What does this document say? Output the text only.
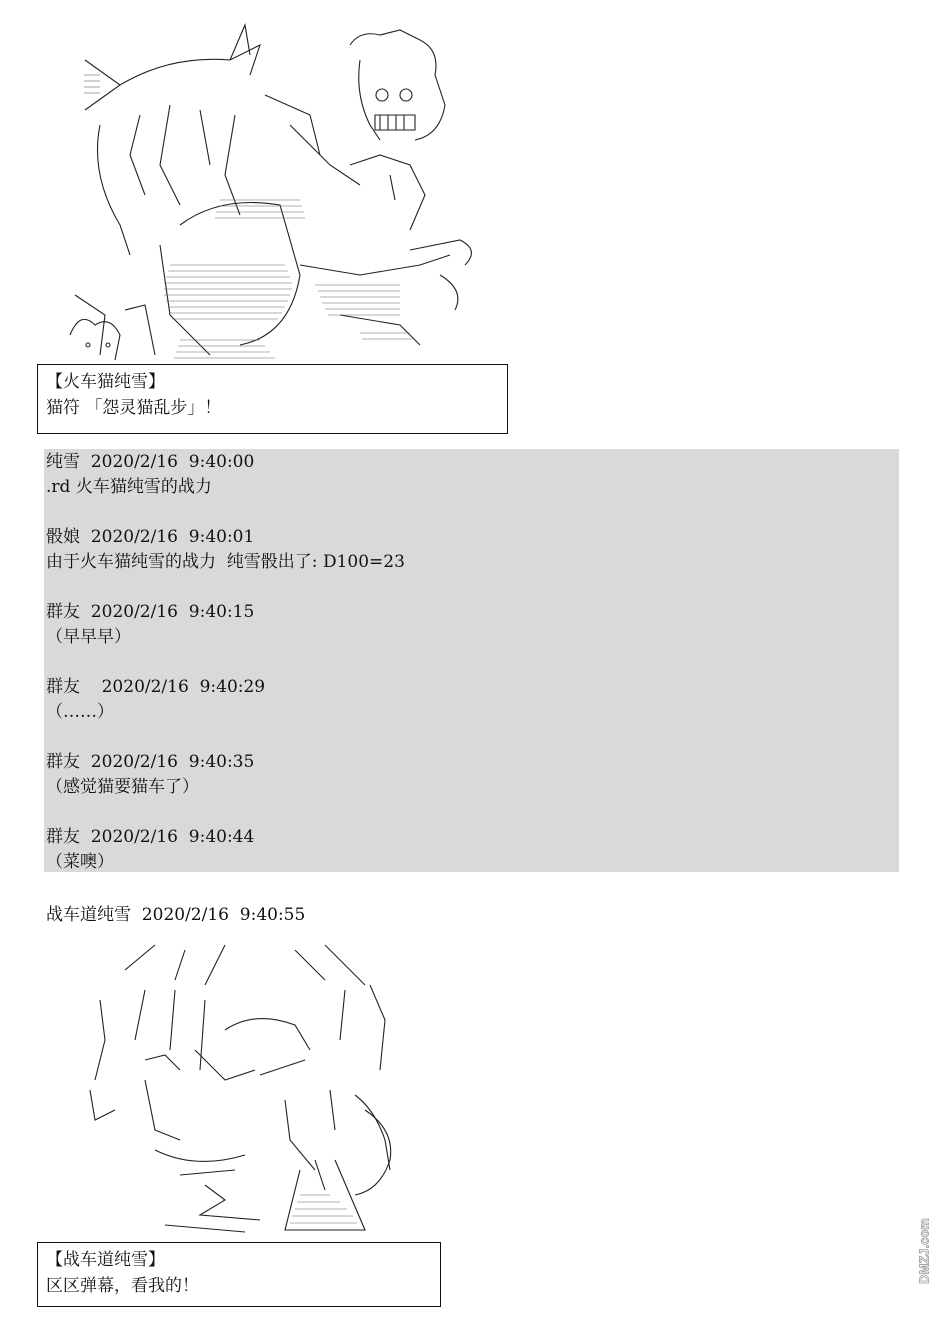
【火车猫纯雪】
猫符 「怨灵猫乱步」！
纯雪  2020/2/16  9:40:00
.rd 火车猫纯雪的战力
骰娘  2020/2/16  9:40:01
由于火车猫纯雪的战力  纯雪骰出了: D100=23
群友  2020/2/16  9:40:15
（早早早）
群友    2020/2/16  9:40:29
（……）
群友  2020/2/16  9:40:35
（感觉猫要猫车了）
群友  2020/2/16  9:40:44
（菜噢）
战车道纯雪  2020/2/16  9:40:55
【战车道纯雪】
区区弹幕，看我的！
DMZJ.com
